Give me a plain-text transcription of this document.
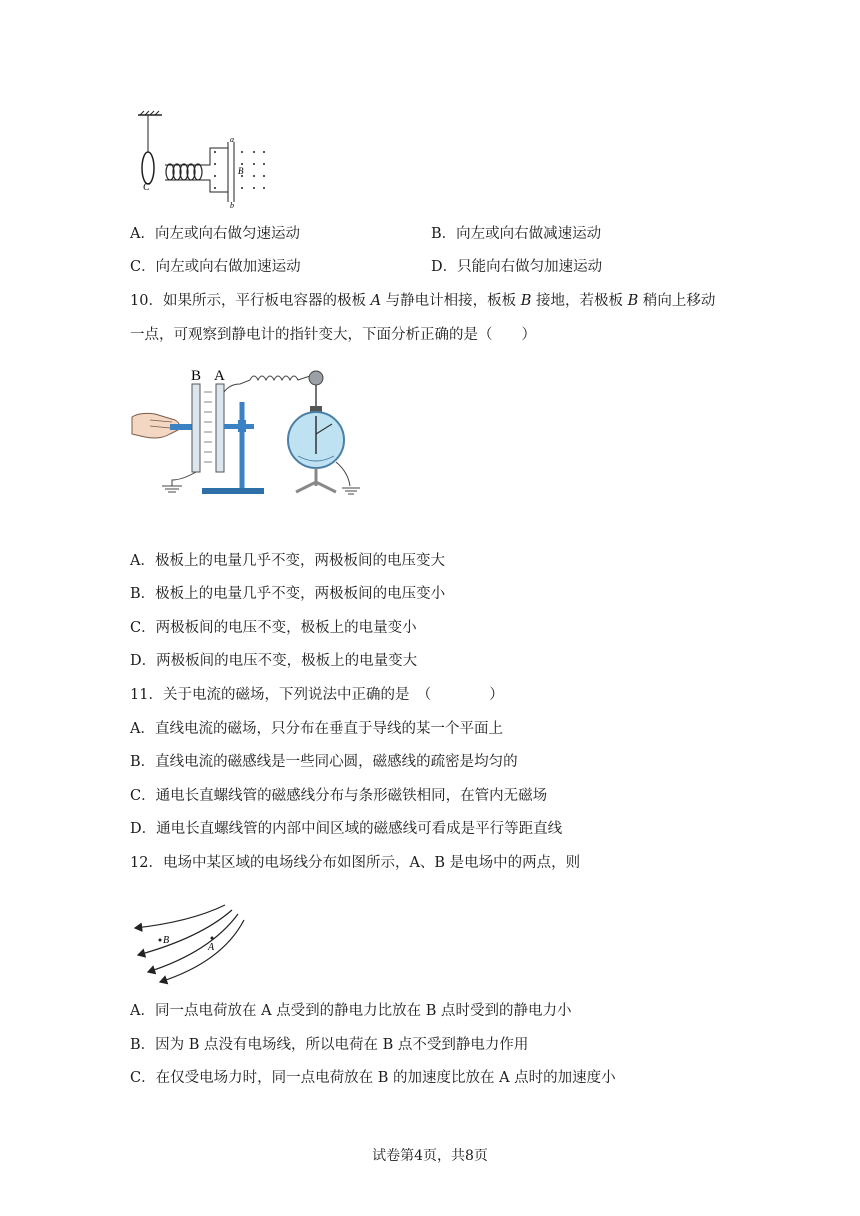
C
a
b
B
A．向左或向右做匀速运动	B．向左或向右做减速运动
C．向左或向右做加速运动	D．只能向右做匀加速运动
10．如果所示，平行板电容器的极板 A 与静电计相接，板板 B 接地，若极板 B 稍向上移动
一点，可观察到静电计的指针变大，下面分析正确的是（　　）
B A
A．极板上的电量几乎不变，两极板间的电压变大
B．极板上的电量几乎不变，两极板间的电压变小
C．两极板间的电压不变，极板上的电量变小
D．两极板间的电压不变，极板上的电量变大
11．关于电流的磁场，下列说法中正确的是　（　　　　）
A．直线电流的磁场，只分布在垂直于导线的某一个平面上
B．直线电流的磁感线是一些同心圆，磁感线的疏密是均匀的
C．通电长直螺线管的磁感线分布与条形磁铁相同，在管内无磁场
D．通电长直螺线管的内部中间区域的磁感线可看成是平行等距直线
12．电场中某区域的电场线分布如图所示，A、B 是电场中的两点，则
B
A
A．同一点电荷放在 A 点受到的静电力比放在 B 点时受到的静电力小
B．因为 B 点没有电场线，所以电荷在 B 点不受到静电力作用
C．在仅受电场力时，同一点电荷放在 B 的加速度比放在 A 点时的加速度小
试卷第4页，共8页
